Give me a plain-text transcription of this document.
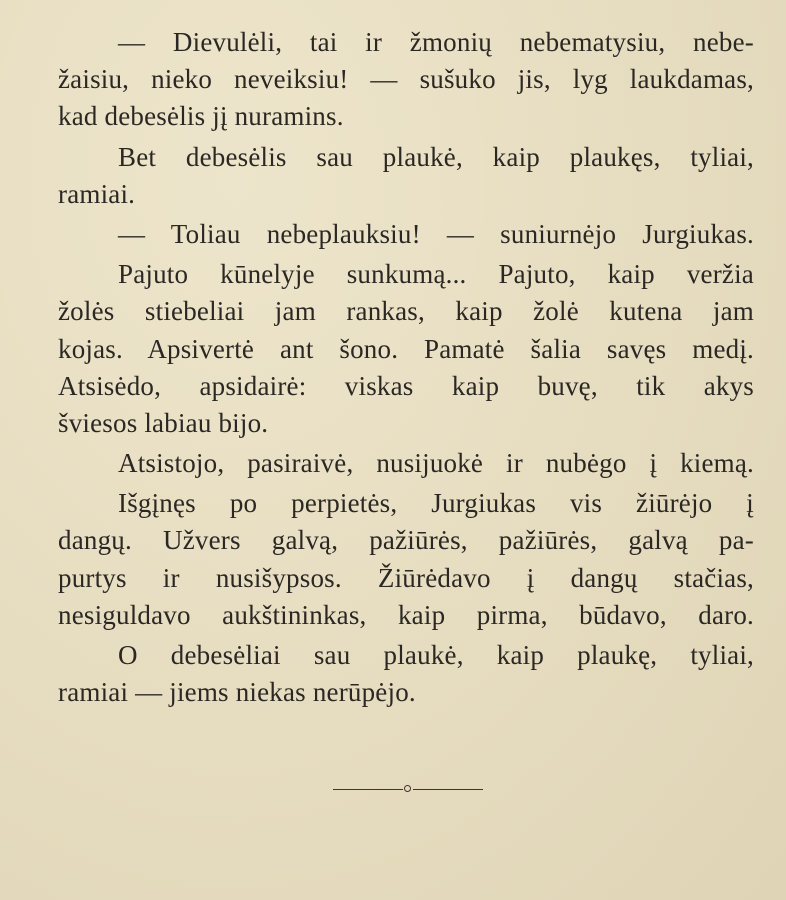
— Dievulėli, tai ir žmonių nebematysiu, nebe-
žaisiu, nieko neveiksiu! — sušuko jis, lyg laukdamas,
kad debesėlis jį nuramins.
Bet debesėlis sau plaukė, kaip plaukęs, tyliai,
ramiai.
— Toliau nebeplauksiu! — suniurnėjo Jurgiukas.
Pajuto kūnelyje sunkumą... Pajuto, kaip veržia
žolės stiebeliai jam rankas, kaip žolė kutena jam
kojas. Apsivertė ant šono. Pamatė šalia savęs medį.
Atsisėdo, apsidairė: viskas kaip buvę, tik akys
šviesos labiau bijo.
Atsistojo, pasiraivė, nusijuokė ir nubėgo į kiemą.
Išgįnęs po perpietės, Jurgiukas vis žiūrėjo į
dangų. Užvers galvą, pažiūrės, pažiūrės, galvą pa-
purtys ir nusišypsos. Žiūrėdavo į dangų stačias,
nesiguldavo aukštininkas, kaip pirma, būdavo, daro.
O debesėliai sau plaukė, kaip plaukę, tyliai,
ramiai — jiems niekas nerūpėjo.
